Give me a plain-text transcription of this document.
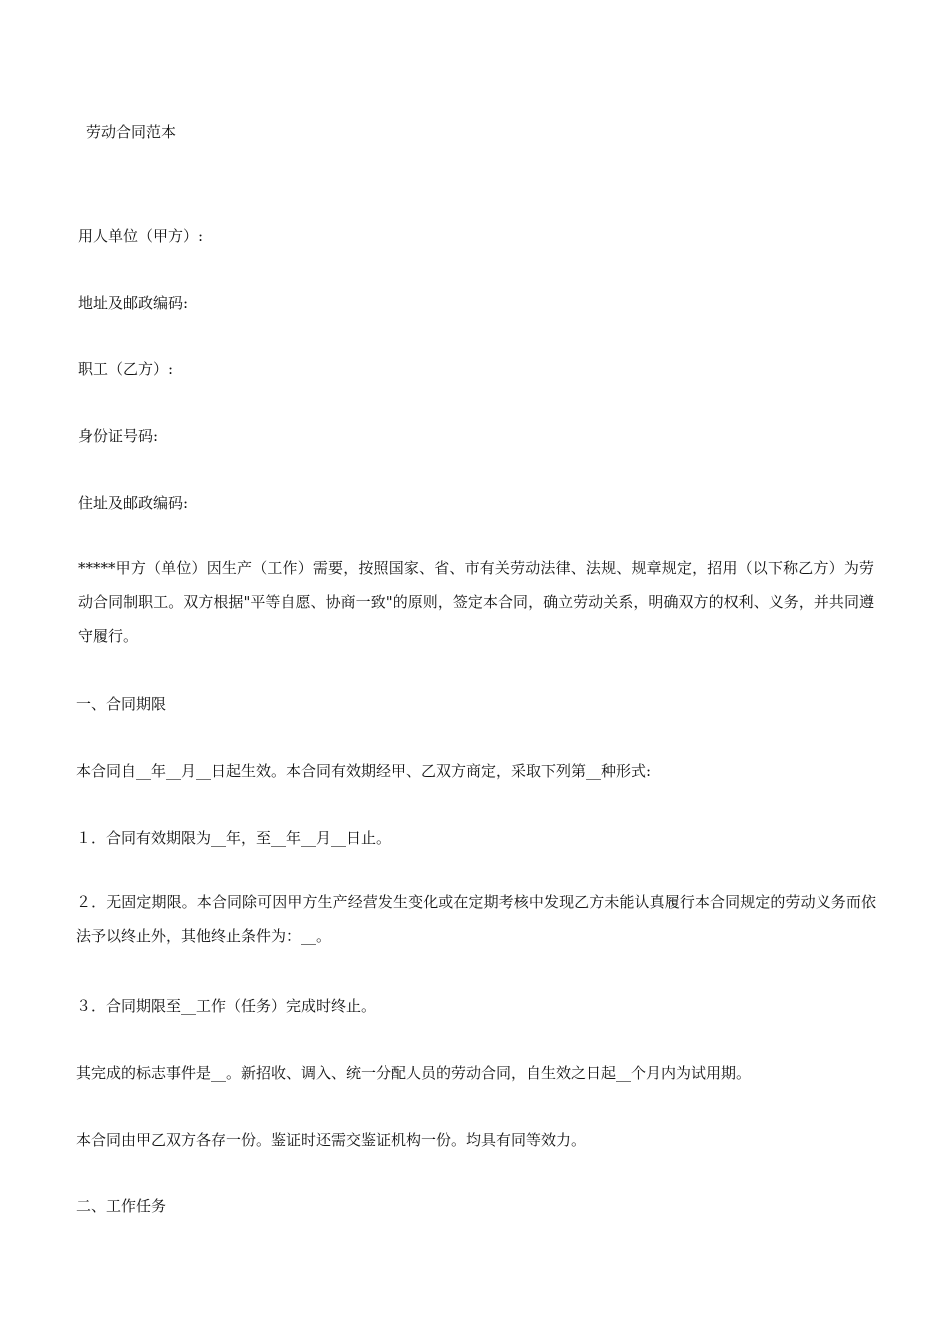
劳动合同范本
用人单位（甲方）:
地址及邮政编码:
职工（乙方）:
身份证号码:
住址及邮政编码:
*****甲方（单位）因生产（工作）需要，按照国家、省、市有关劳动法律、法规、规章规定，招用（以下称乙方）为劳动合同制职工。双方根据"平等自愿、协商一致"的原则，签定本合同，确立劳动关系，明确双方的权利、义务，并共同遵守履行。
一、合同期限
本合同自__年__月__日起生效。本合同有效期经甲、乙双方商定，采取下列第__种形式:
１．合同有效期限为__年，至__年__月__日止。
２．无固定期限。本合同除可因甲方生产经营发生变化或在定期考核中发现乙方未能认真履行本合同规定的劳动义务而依法予以终止外，其他终止条件为：__。
３．合同期限至__工作（任务）完成时终止。
其完成的标志事件是__。新招收、调入、统一分配人员的劳动合同，自生效之日起__个月内为试用期。
本合同由甲乙双方各存一份。鉴证时还需交鉴证机构一份。均具有同等效力。
二、工作任务
